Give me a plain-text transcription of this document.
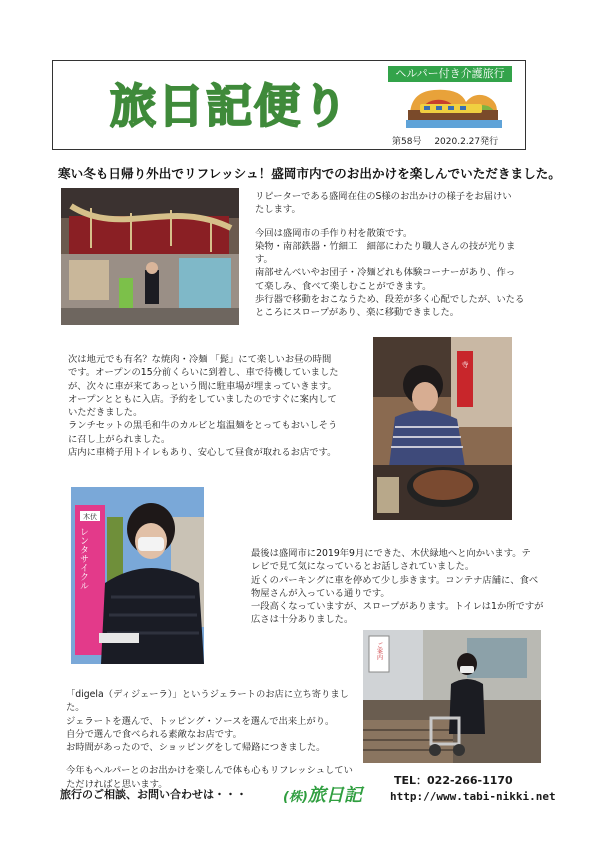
旅日記便り
ヘルパー付き介護旅行
第58号 2020.2.27発行
寒い冬も日帰り外出でリフレッシュ！盛岡市内でのお出かけを楽しんでいただきました。

リピーターである盛岡在住のS様のお出かけの様子をお届けい

たします。

今回は盛岡市の手作り村を散策です。

染物・南部鉄器・竹細工　細部にわたり職人さんの技が光りま

す。

南部せんべいやお団子・冷麺どれも体験コーナーがあり、作っ

て楽しみ、食べて楽しむことができます。

歩行器で移動をおこなうため、段差が多く心配でしたが、いたる

ところにスロープがあり、楽に移動できました。

次は地元でも有名？な焼肉・冷麺 「髭」にて楽しいお昼の時間

です。オープンの15分前くらいに到着し、車で待機していました

が、次々に車が来てあっという間に駐車場が埋まっていきます。

オープンとともに入店。予約をしていましたのですぐに案内して

いただきました。

ランチセットの黒毛和牛のカルビと塩温麺をとってもおいしそう

に召し上がられました。

店内に車椅子用トイレもあり、安心して昼食が取れるお店です。

寺
木伏
レンタサイクル	最後は盛岡市に2019年9月にできた、木伏緑地へと向かいます。テ

レビで見て気になっているとお話しされていました。

近くのパーキングに車を停めて少し歩きます。コンテナ店舗に、食べ

物屋さんが入っている通りです。

一段高くなっていますが、スロープがあります。トイレは1か所ですが

広さは十分ありました。

ご案内

「digela（ディジェーラ）」というジェラートのお店に立ち寄りました。

ジェラートを選んで、トッピング・ソースを選んで出来上がり。

自分で選んで食べられる素敵なお店です。

お時間があったので、ショッピングをして帰路につきました。

今年もヘルパーとのお出かけを楽しんで体も心もリフレッシュしてい

ただければと思います。

旅行のご相談、お問い合わせは・・・	(株)旅日記
TEL：022-266-1170
http://www.tabi-nikki.net
